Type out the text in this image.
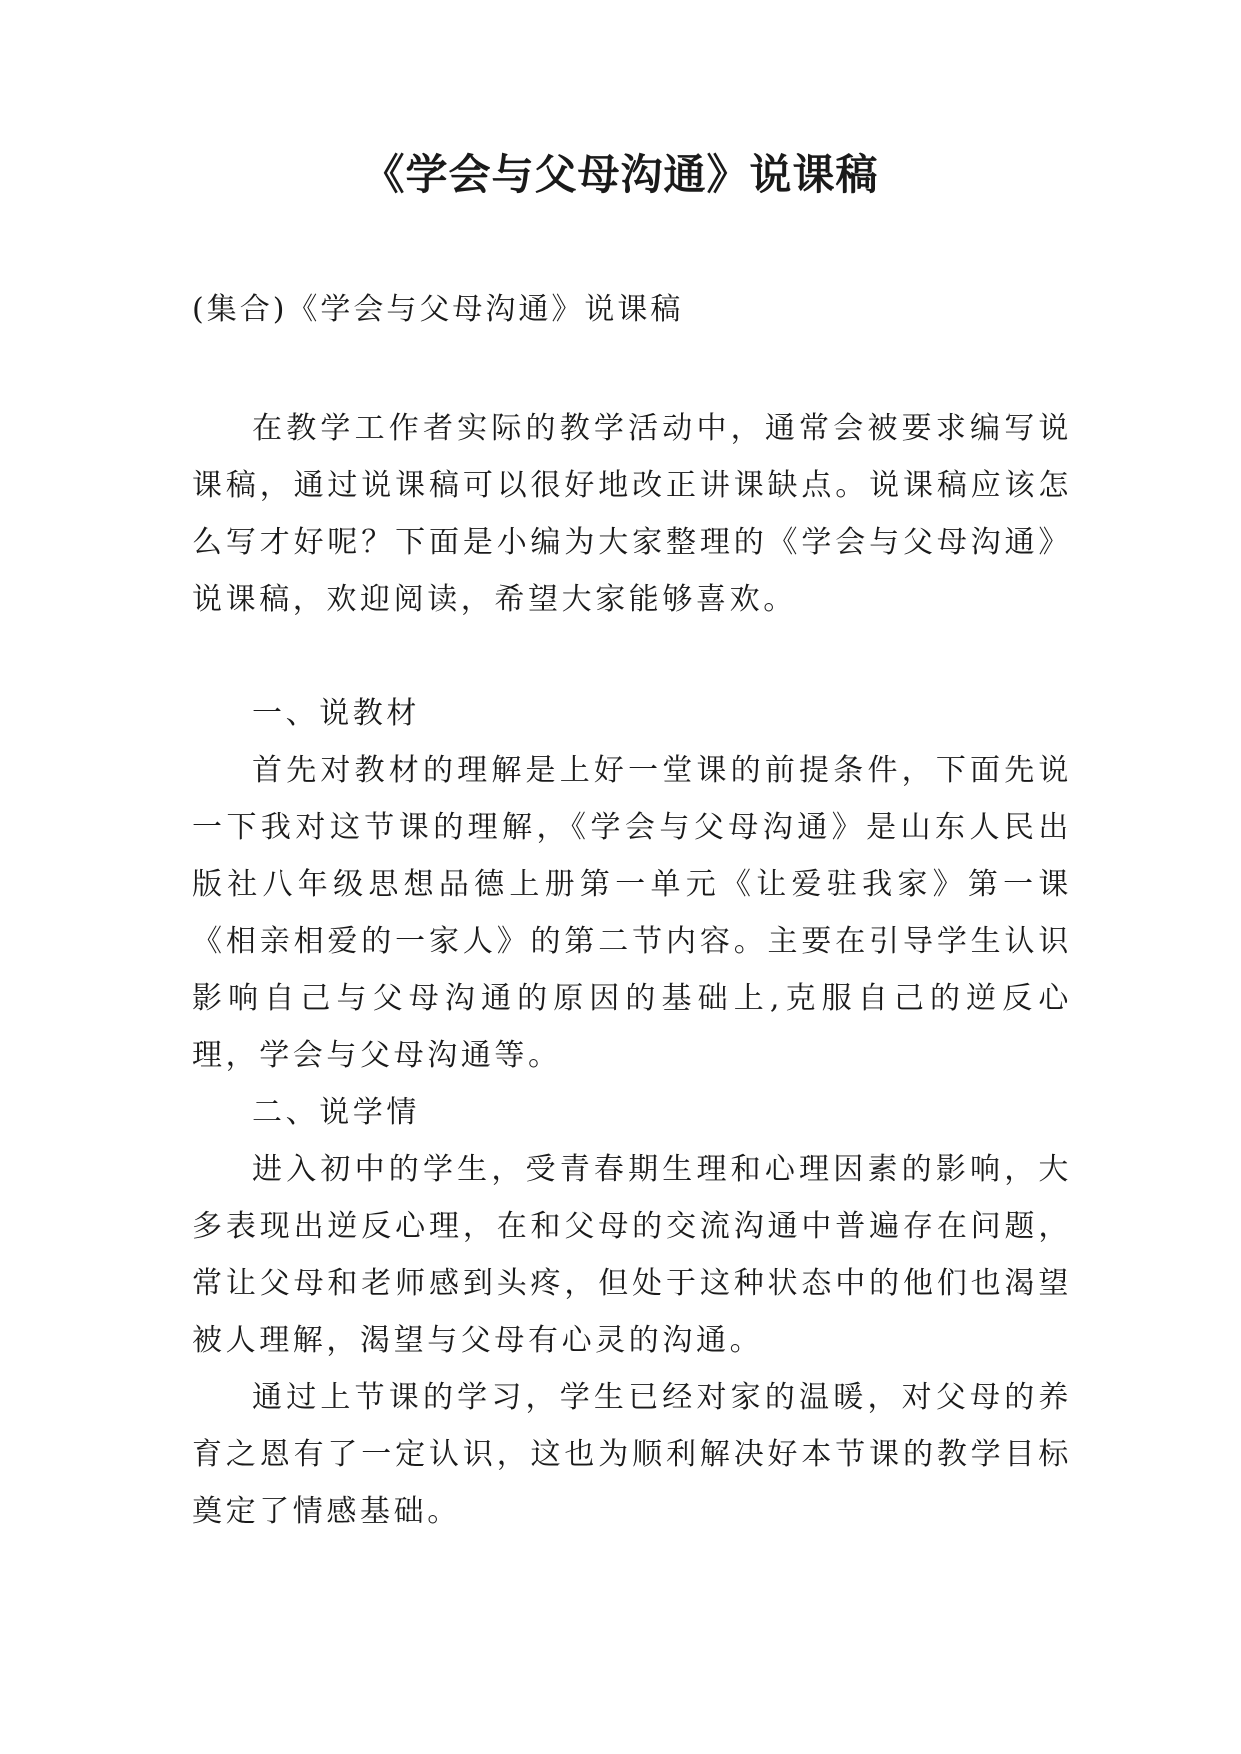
《学会与父母沟通》说课稿
(集合)《学会与父母沟通》说课稿

在教学工作者实际的教学活动中，通常会被要求编写说课稿，通过说课稿可以很好地改正讲课缺点。说课稿应该怎么写才好呢？下面是小编为大家整理的《学会与父母沟通》说课稿，欢迎阅读，希望大家能够喜欢。

一、说教材

首先对教材的理解是上好一堂课的前提条件，下面先说一下我对这节课的理解，《学会与父母沟通》是山东人民出版社八年级思想品德上册第一单元《让爱驻我家》第一课《相亲相爱的一家人》的第二节内容。主要在引导学生认识影响自己与父母沟通的原因的基础上,克服自己的逆反心理，学会与父母沟通等。

二、说学情

进入初中的学生，受青春期生理和心理因素的影响，大多表现出逆反心理，在和父母的交流沟通中普遍存在问题，常让父母和老师感到头疼，但处于这种状态中的他们也渴望被人理解，渴望与父母有心灵的沟通。

通过上节课的学习，学生已经对家的温暖，对父母的养育之恩有了一定认识，这也为顺利解决好本节课的教学目标奠定了情感基础。
